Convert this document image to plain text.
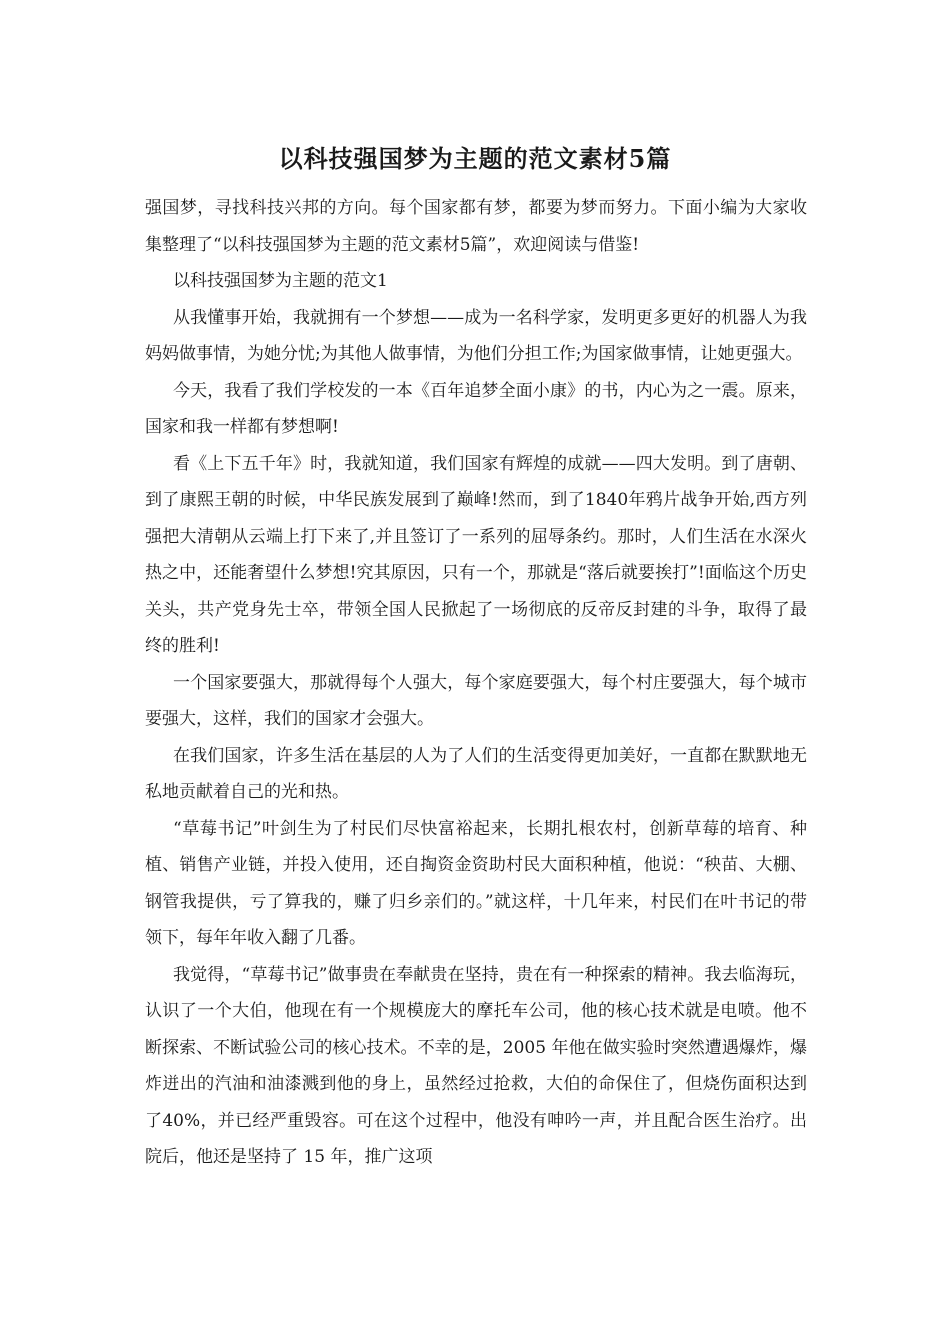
以科技强国梦为主题的范文素材5篇

强国梦，寻找科技兴邦的方向。每个国家都有梦，都要为梦而努力。下面小编为大家收集整理了“以科技强国梦为主题的范文素材5篇”，欢迎阅读与借鉴!

以科技强国梦为主题的范文1

从我懂事开始，我就拥有一个梦想——成为一名科学家，发明更多更好的机器人为我妈妈做事情，为她分忧;为其他人做事情，为他们分担工作;为国家做事情，让她更强大。

今天，我看了我们学校发的一本《百年追梦全面小康》的书，内心为之一震。原来，国家和我一样都有梦想啊!

看《上下五千年》时，我就知道，我们国家有辉煌的成就——四大发明。到了唐朝、到了康熙王朝的时候，中华民族发展到了巅峰!然而，到了1840年鸦片战争开始,西方列强把大清朝从云端上打下来了,并且签订了一系列的屈辱条约。那时，人们生活在水深火热之中，还能奢望什么梦想!究其原因，只有一个，那就是“落后就要挨打”!面临这个历史关头，共产党身先士卒，带领全国人民掀起了一场彻底的反帝反封建的斗争，取得了最终的胜利!

一个国家要强大，那就得每个人强大，每个家庭要强大，每个村庄要强大，每个城市要强大，这样，我们的国家才会强大。

在我们国家，许多生活在基层的人为了人们的生活变得更加美好，一直都在默默地无私地贡献着自己的光和热。

“草莓书记”叶剑生为了村民们尽快富裕起来，长期扎根农村，创新草莓的培育、种植、销售产业链，并投入使用，还自掏资金资助村民大面积种植，他说：“秧苗、大棚、钢管我提供，亏了算我的，赚了归乡亲们的。”就这样，十几年来，村民们在叶书记的带领下，每年年收入翻了几番。

我觉得，“草莓书记”做事贵在奉献贵在坚持，贵在有一种探索的精神。我去临海玩，认识了一个大伯，他现在有一个规模庞大的摩托车公司，他的核心技术就是电喷。他不断探索、不断试验公司的核心技术。不幸的是，2005 年他在做实验时突然遭遇爆炸，爆炸迸出的汽油和油漆溅到他的身上，虽然经过抢救，大伯的命保住了，但烧伤面积达到了40%，并已经严重毁容。可在这个过程中，他没有呻吟一声，并且配合医生治疗。出院后，他还是坚持了 15 年，推广这项
